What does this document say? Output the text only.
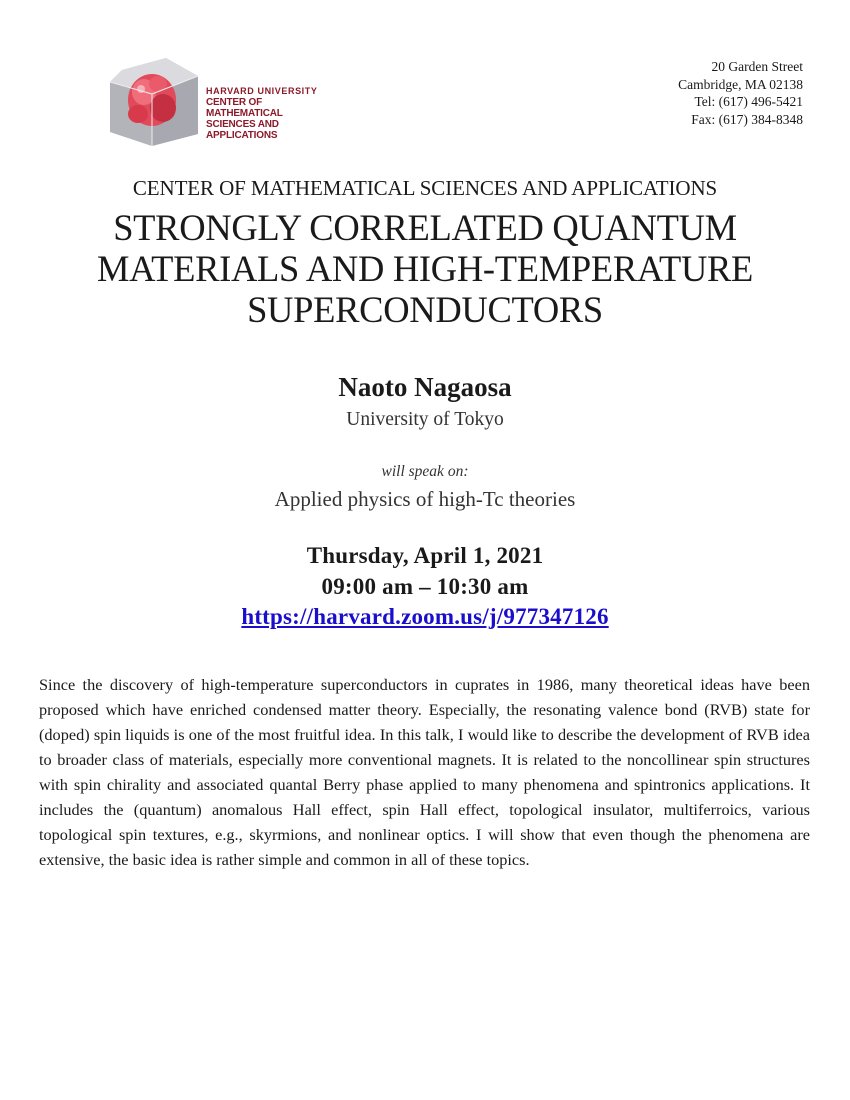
HARVARD UNIVERSITY
CENTER OF MATHEMATICAL
SCIENCES AND APPLICATIONS
20 Garden Street
Cambridge, MA 02138
Tel: (617) 496-5421
Fax: (617) 384-8348
CENTER OF MATHEMATICAL SCIENCES AND APPLICATIONS
STRONGLY CORRELATED QUANTUM
MATERIALS AND HIGH-TEMPERATURE
SUPERCONDUCTORS
Naoto Nagaosa
University of Tokyo
will speak on:
Applied physics of high-Tc theories
Thursday, April 1, 2021
09:00 am – 10:30 am
https://harvard.zoom.us/j/977347126
Since the discovery of high-temperature superconductors in cuprates in 1986, many theoretical ideas have been proposed which have enriched condensed matter theory. Especially, the resonating valence bond (RVB) state for (doped) spin liquids is one of the most fruitful idea. In this talk, I would like to describe the development of RVB idea to broader class of materials, especially more conventional magnets. It is related to the noncollinear spin structures with spin chirality and associated quantal Berry phase applied to many phenomena and spintronics applications. It includes the (quantum) anomalous Hall effect, spin Hall effect, topological insulator, multiferroics, various topological spin textures, e.g., skyrmions, and nonlinear optics. I will show that even though the phenomena are extensive, the basic idea is rather simple and common in all of these topics.
